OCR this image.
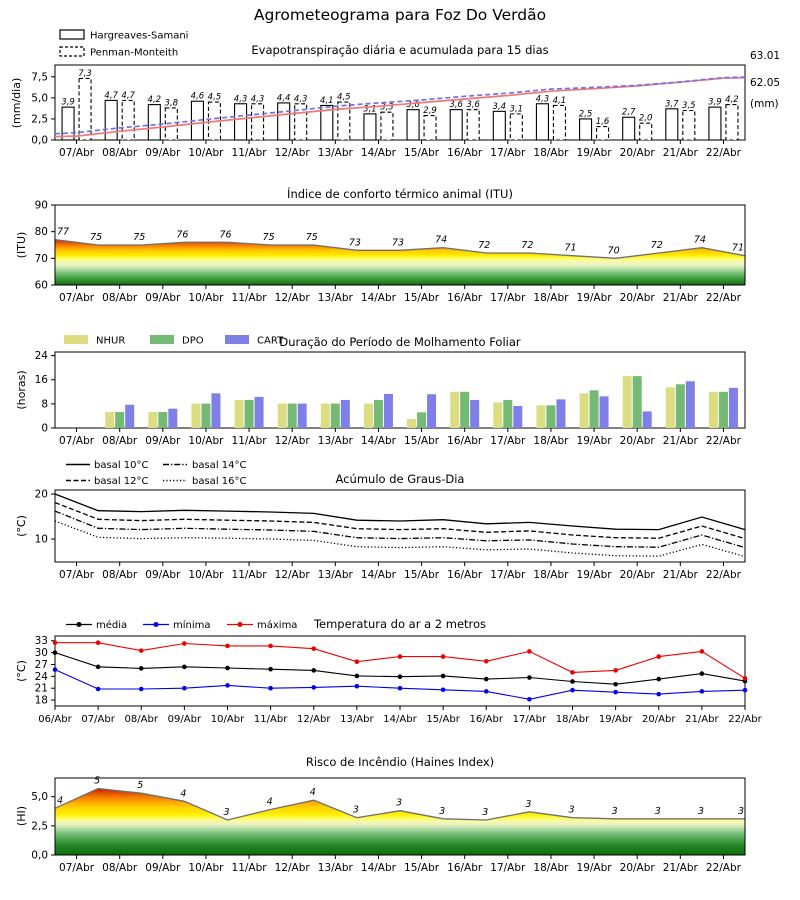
Agrometeograma para Foz Do Verdão
Evapotranspiração diária e acumulada para 15 dias
(mm/dia)
Hargreaves-Samani
Penman-Monteith
0,0
2,5
5,0
7,5
07/Abr 08/Abr 09/Abr 10/Abr 11/Abr 12/Abr 13/Abr 14/Abr 15/Abr 16/Abr 17/Abr 18/Abr 19/Abr 20/Abr 21/Abr 22/Abr
3,9
4,7	4,2	4,6	4,3	4,4	4,1
3,1	3,6	3,6	3,4
4,3
2,5	2,7
3,7	3,9
7,3
4,7
3,8
4,5	4,3	4,3	4,5
3,3	2,9
3,6	3,1
4,1
1,6	2,0
3,5
4,2
63.01
62.05
(mm)
Índice de conforto térmico animal (ITU)
(ITU)
60
70
80
90
07/Abr 08/Abr 09/Abr 10/Abr 11/Abr 12/Abr 13/Abr 14/Abr 15/Abr 16/Abr 17/Abr 18/Abr 19/Abr 20/Abr 21/Abr 22/Abr
77 75	75	76	76	75	75	73	73	74	72	72	71	70	72	74
71
Duração do Período de Molhamento Foliar
(horas)
NHUR	DPO	CART
0
8
16
24
07/Abr 08/Abr 09/Abr 10/Abr 11/Abr 12/Abr 13/Abr 14/Abr 15/Abr 16/Abr 17/Abr 18/Abr 19/Abr 20/Abr 21/Abr 22/Abr
Acúmulo de Graus-Dia
(°C)
basal 10°C	basal 14°C
basal 12°C	basal 16°C
10
20
07/Abr 08/Abr 09/Abr 10/Abr 11/Abr 12/Abr 13/Abr 14/Abr 15/Abr 16/Abr 17/Abr 18/Abr 19/Abr 20/Abr 21/Abr 22/Abr
Temperatura do ar a 2 metros
(°C)
média	mínima	máxima
18
21
24
27
30
33
06/Abr 07/Abr 08/Abr 09/Abr 10/Abr 11/Abr 12/Abr 13/Abr 14/Abr 15/Abr 16/Abr 17/Abr 18/Abr 19/Abr 20/Abr 21/Abr 22/Abr
Risco de Incêndio (Haines Index)
(HI)
0,0
2,5
5,0
07/Abr 08/Abr 09/Abr 10/Abr 11/Abr 12/Abr 13/Abr 14/Abr 15/Abr 16/Abr 17/Abr 18/Abr 19/Abr 20/Abr 21/Abr 22/Abr
4
5	5
4
3
4
4
3
3
3	3
3
3	3	3	3	3
